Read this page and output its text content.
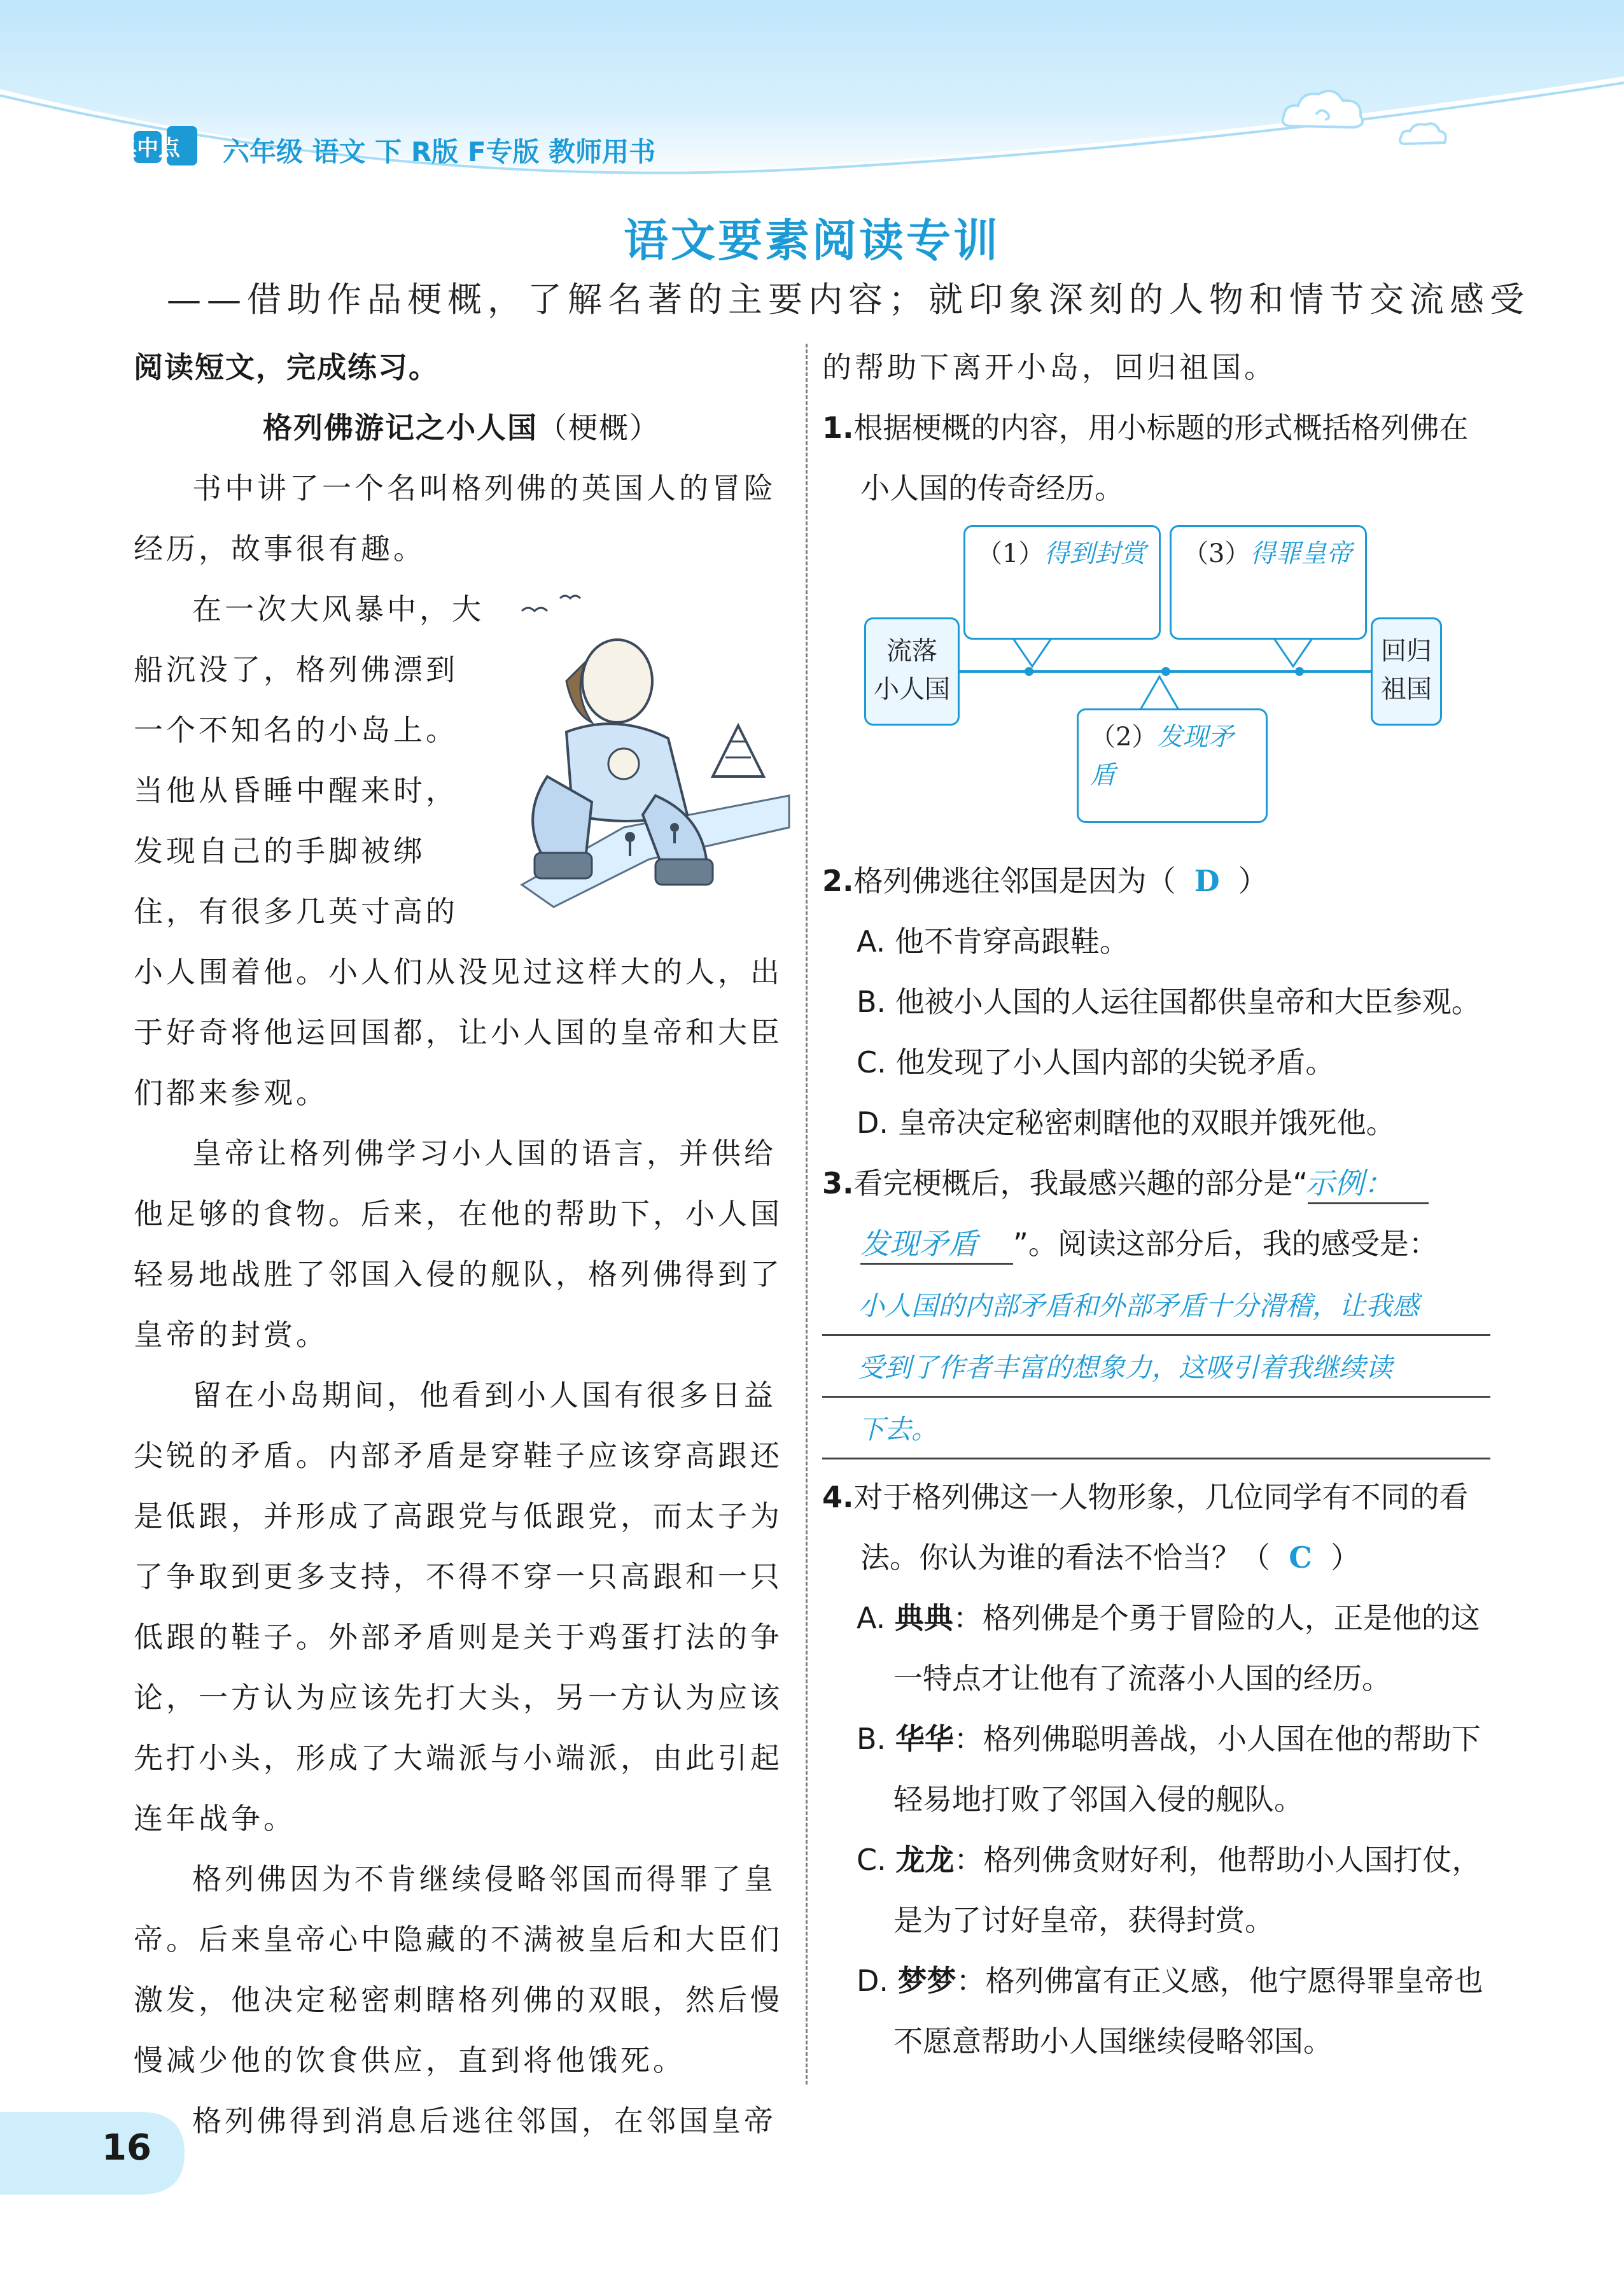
典中点 六年级 语文 下 R版 F专版 教师用书
语文要素阅读专训
——借助作品梗概，了解名著的主要内容；就印象深刻的人物和情节交流感受
阅读短文，完成练习。
格列佛游记之小人国（梗概）

书中讲了一个名叫格列佛的英国人的冒险经历，故事很有趣。

在一次大风暴中，大船沉没了，格列佛漂到一个不知名的小岛上。当他从昏睡中醒来时，发现自己的手脚被绑住，有很多几英寸高的小人围着他。小人们从没见过这样大的人，出于好奇将他运回国都，让小人国的皇帝和大臣们都来参观。

皇帝让格列佛学习小人国的语言，并供给他足够的食物。后来，在他的帮助下，小人国轻易地战胜了邻国入侵的舰队，格列佛得到了皇帝的封赏。

留在小岛期间，他看到小人国有很多日益尖锐的矛盾。内部矛盾是穿鞋子应该穿高跟还是低跟，并形成了高跟党与低跟党，而太子为了争取到更多支持，不得不穿一只高跟和一只低跟的鞋子。外部矛盾则是关于鸡蛋打法的争论，一方认为应该先打大头，另一方认为应该先打小头，形成了大端派与小端派，由此引起连年战争。

格列佛因为不肯继续侵略邻国而得罪了皇帝。后来皇帝心中隐藏的不满被皇后和大臣们激发，他决定秘密刺瞎格列佛的双眼，然后慢慢减少他的饮食供应，直到将他饿死。

格列佛得到消息后逃往邻国，在邻国皇帝

的帮助下离开小岛，回归祖国。
1.根据梗概的内容，用小标题的形式概括格列佛在小人国的传奇经历。
流落
小人国
回归
祖国
（1）得到封赏	（3）得罪皇帝
（2）发现矛盾
2.格列佛逃往邻国是因为（ D ）
A. 他不肯穿高跟鞋。
B. 他被小人国的人运往国都供皇帝和大臣参观。
C. 他发现了小人国内部的尖锐矛盾。
D. 皇帝决定秘密刺瞎他的双眼并饿死他。
3.看完梗概后，我最感兴趣的部分是“示例：
发现矛盾 ”。阅读这部分后，我的感受是：
小人国的内部矛盾和外部矛盾十分滑稽，让我感
受到了作者丰富的想象力，这吸引着我继续读
下去。
4.对于格列佛这一人物形象，几位同学有不同的看法。你认为谁的看法不恰当？（ C ）
A. 典典：格列佛是个勇于冒险的人，正是他的这一特点才让他有了流落小人国的经历。
B. 华华：格列佛聪明善战，小人国在他的帮助下轻易地打败了邻国入侵的舰队。
C. 龙龙：格列佛贪财好利，他帮助小人国打仗，是为了讨好皇帝，获得封赏。
D. 梦梦：格列佛富有正义感，他宁愿得罪皇帝也不愿意帮助小人国继续侵略邻国。
16
